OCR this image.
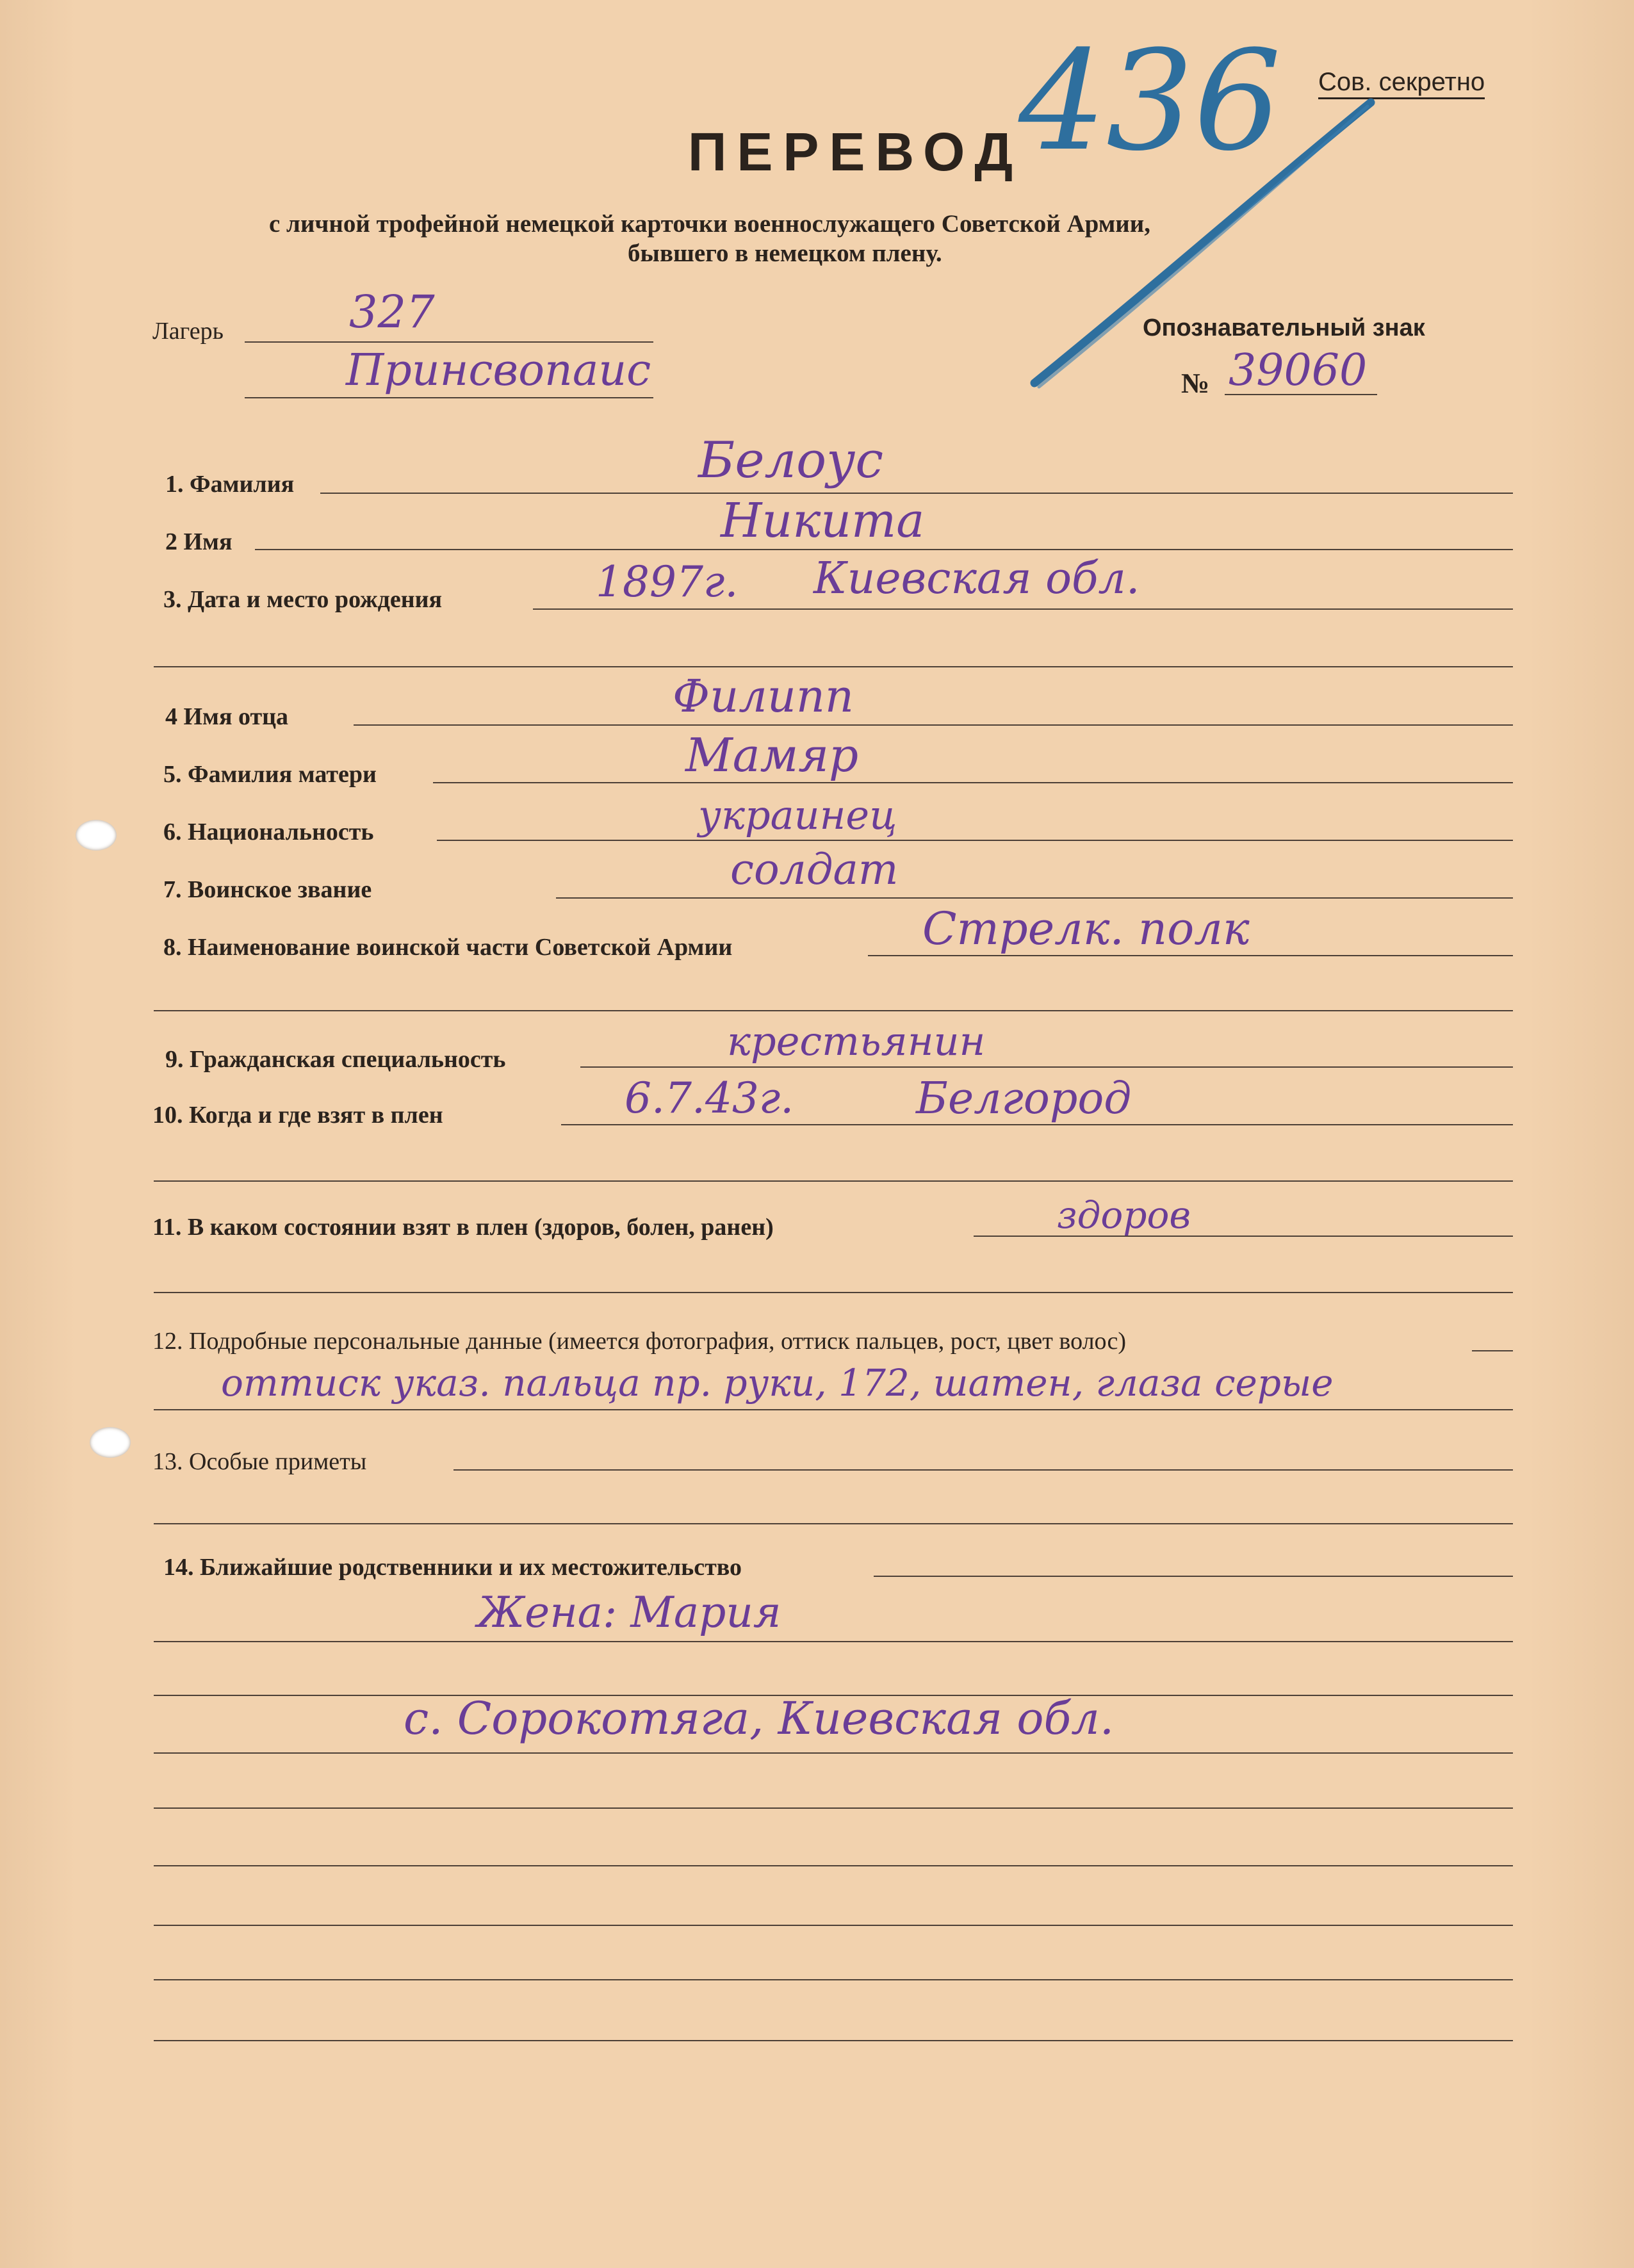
Сов. секретно
ПЕРЕВОД
с личной трофейной немецкой карточки военнослужащего Советской Армии,
бывшего в немецком плену.
436
Лагерь	327
Принсвопаис
Опознавательный знак
№ 39060
1. Фамилия	Белоус
2 Имя	Никита
3. Дата и место рождения	1897г. Киевская обл.
4 Имя отца	Филипп
5. Фамилия матери	Мамяр
6. Национальность	украинец
7. Воинское звание	солдат
8. Наименование воинской части Советской Армии	Стрелк. полк
9. Гражданская специальность	крестьянин
10. Когда и где взят в плен	6.7.43г.	Белгород
11. В каком состоянии взят в плен (здоров, болен, ранен)	здоров
12. Подробные персональные данные (имеется фотография, оттиск пальцев, рост, цвет волос)
оттиск указ. пальца пр. руки, 172, шатен, глаза серые
13. Особые приметы
14. Ближайшие родственники и их местожительство
Жена: Мария
с. Сорокотяга, Киевская обл.
